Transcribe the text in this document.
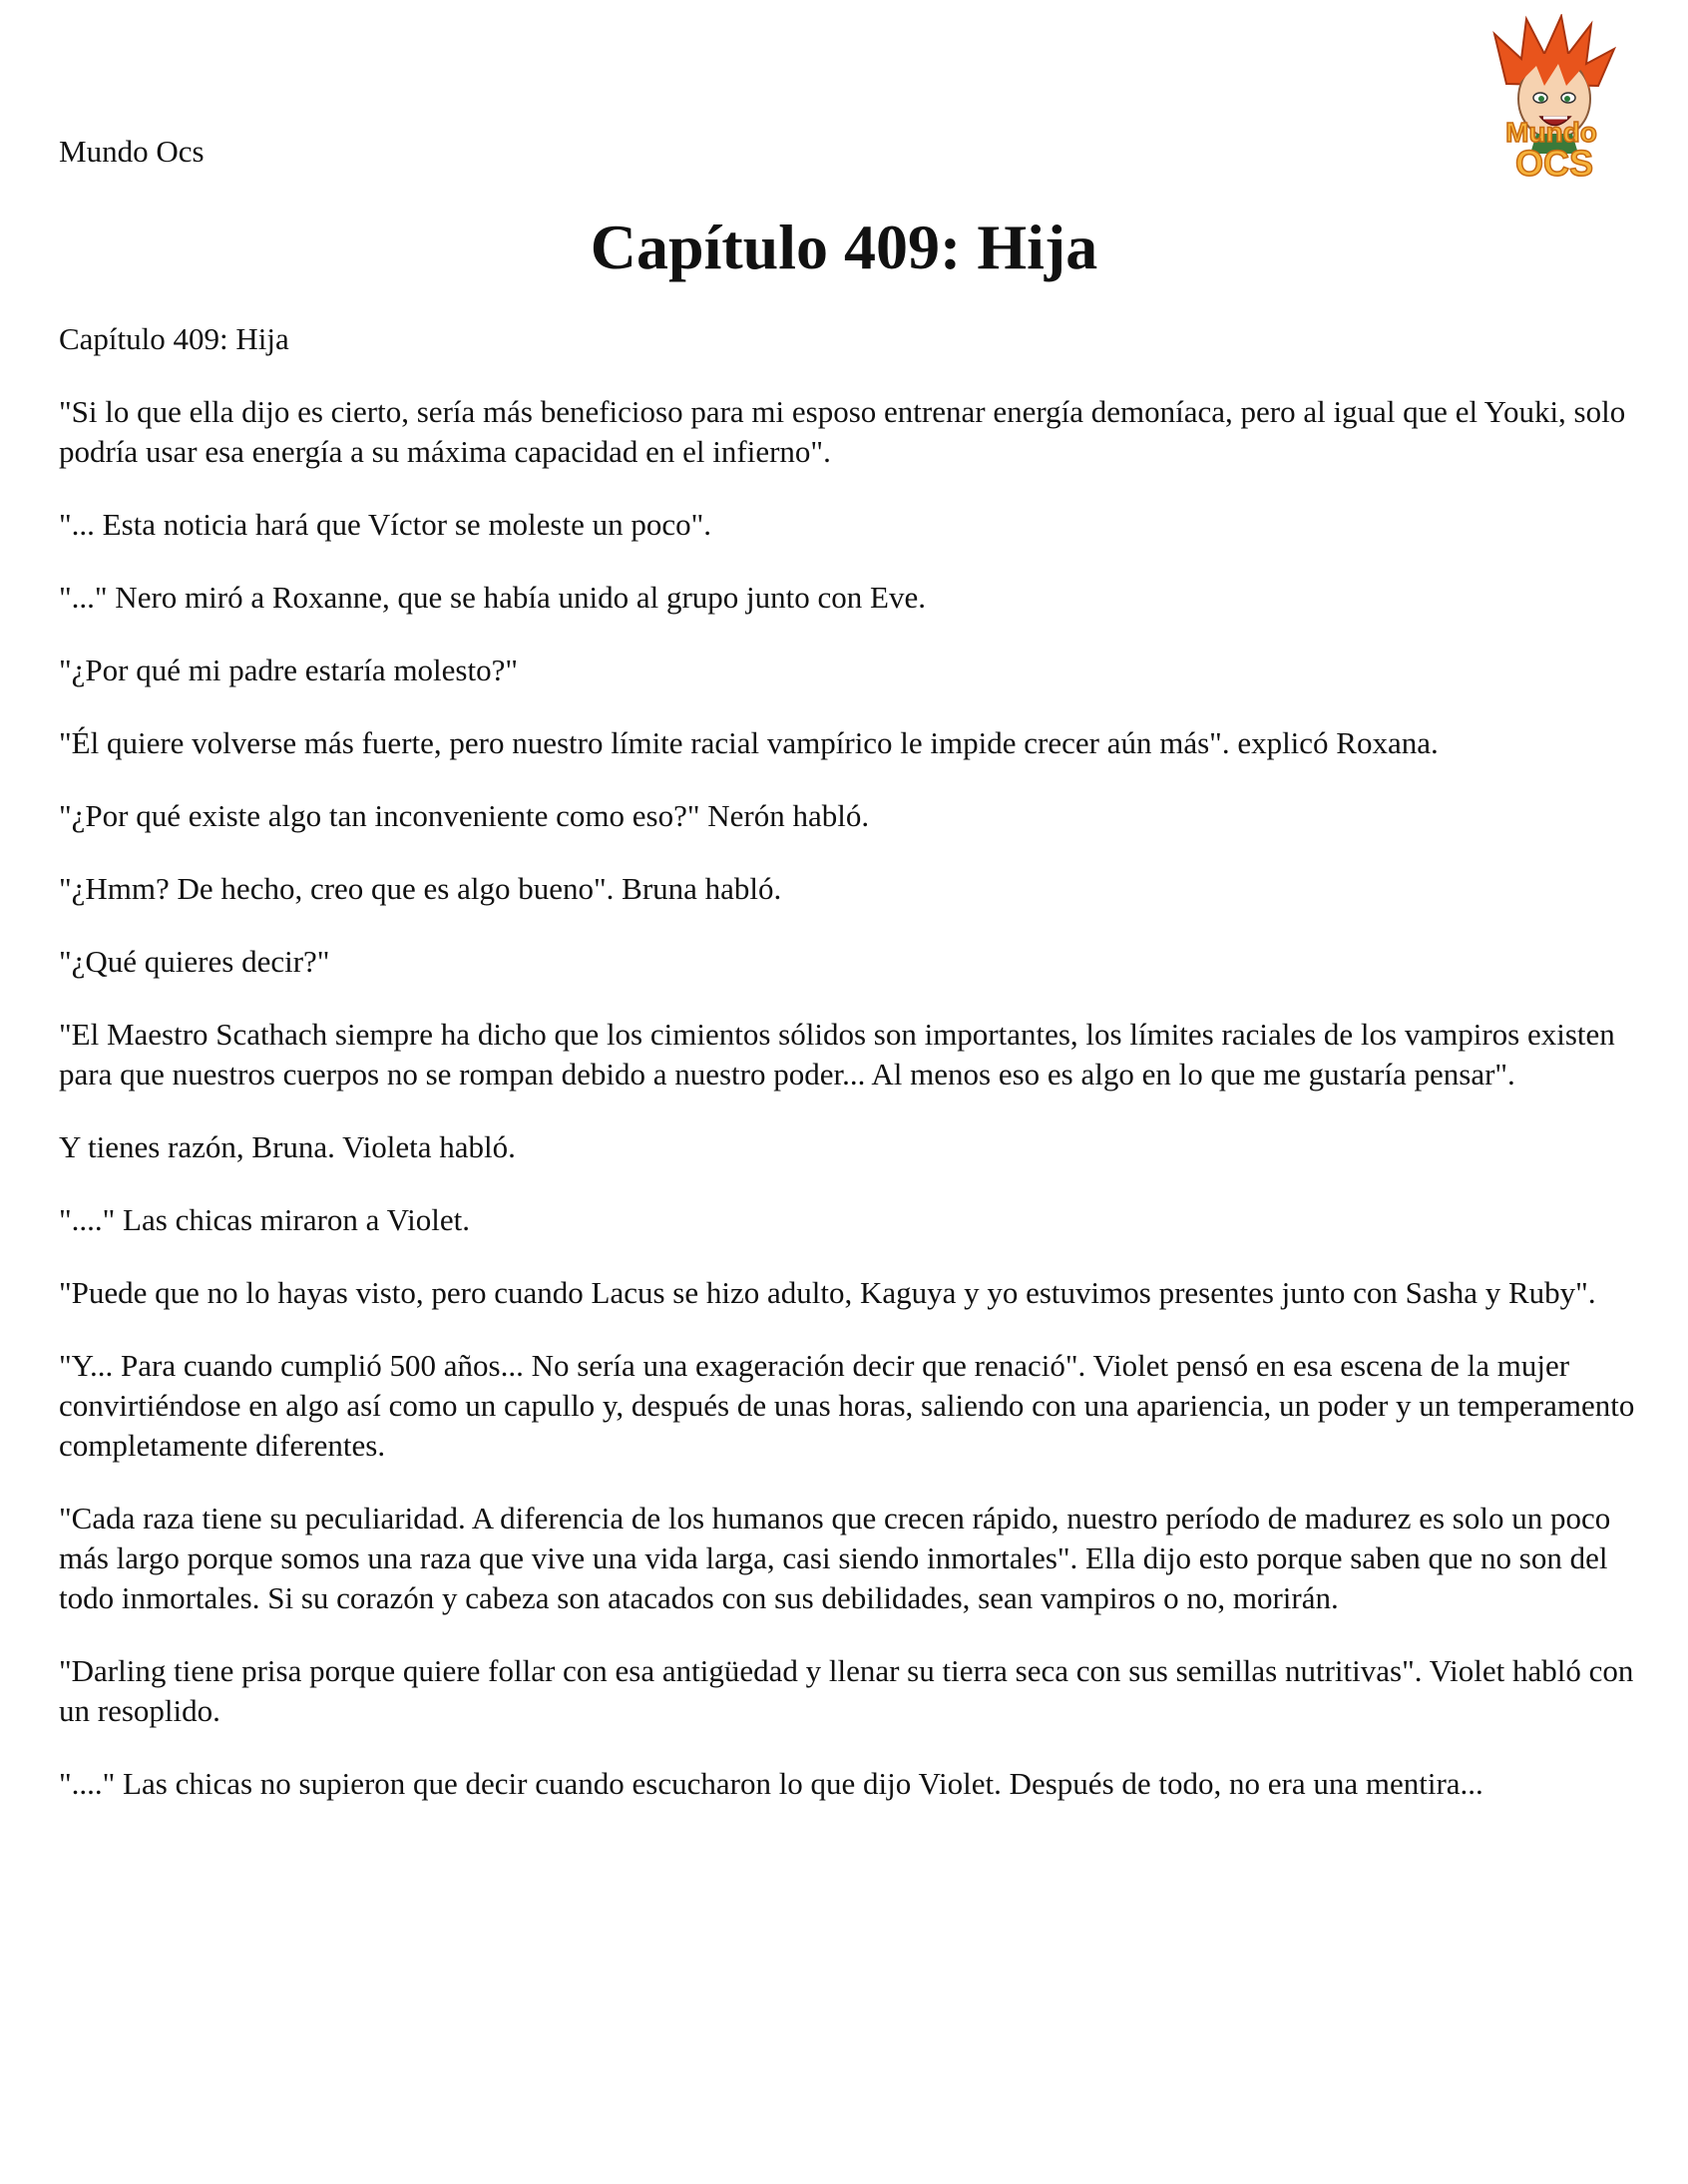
Mundo Ocs

Mundo
OCS
Capítulo 409: Hija

Capítulo 409: Hija

"Si lo que ella dijo es cierto, sería más beneficioso para mi esposo entrenar energía demoníaca, pero al igual que el Youki, solo podría usar esa energía a su máxima capacidad en el infierno".

"... Esta noticia hará que Víctor se moleste un poco".

"..." Nero miró a Roxanne, que se había unido al grupo junto con Eve.

"¿Por qué mi padre estaría molesto?"

"Él quiere volverse más fuerte, pero nuestro límite racial vampírico le impide crecer aún más". explicó Roxana.

"¿Por qué existe algo tan inconveniente como eso?" Nerón habló.

"¿Hmm? De hecho, creo que es algo bueno". Bruna habló.

"¿Qué quieres decir?"

"El Maestro Scathach siempre ha dicho que los cimientos sólidos son importantes, los límites raciales de los vampiros existen para que nuestros cuerpos no se rompan debido a nuestro poder... Al menos eso es algo en lo que me gustaría pensar".

Y tienes razón, Bruna. Violeta habló.

"...." Las chicas miraron a Violet.

"Puede que no lo hayas visto, pero cuando Lacus se hizo adulto, Kaguya y yo estuvimos presentes junto con Sasha y Ruby".

"Y... Para cuando cumplió 500 años... No sería una exageración decir que renació". Violet pensó en esa escena de la mujer convirtiéndose en algo así como un capullo y, después de unas horas, saliendo con una apariencia, un poder y un temperamento completamente diferentes.

"Cada raza tiene su peculiaridad. A diferencia de los humanos que crecen rápido, nuestro período de madurez es solo un poco más largo porque somos una raza que vive una vida larga, casi siendo inmortales". Ella dijo esto porque saben que no son del todo inmortales. Si su corazón y cabeza son atacados con sus debilidades, sean vampiros o no, morirán.

"Darling tiene prisa porque quiere follar con esa antigüedad y llenar su tierra seca con sus semillas nutritivas". Violet habló con un resoplido.

"...." Las chicas no supieron que decir cuando escucharon lo que dijo Violet. Después de todo, no era una mentira...
